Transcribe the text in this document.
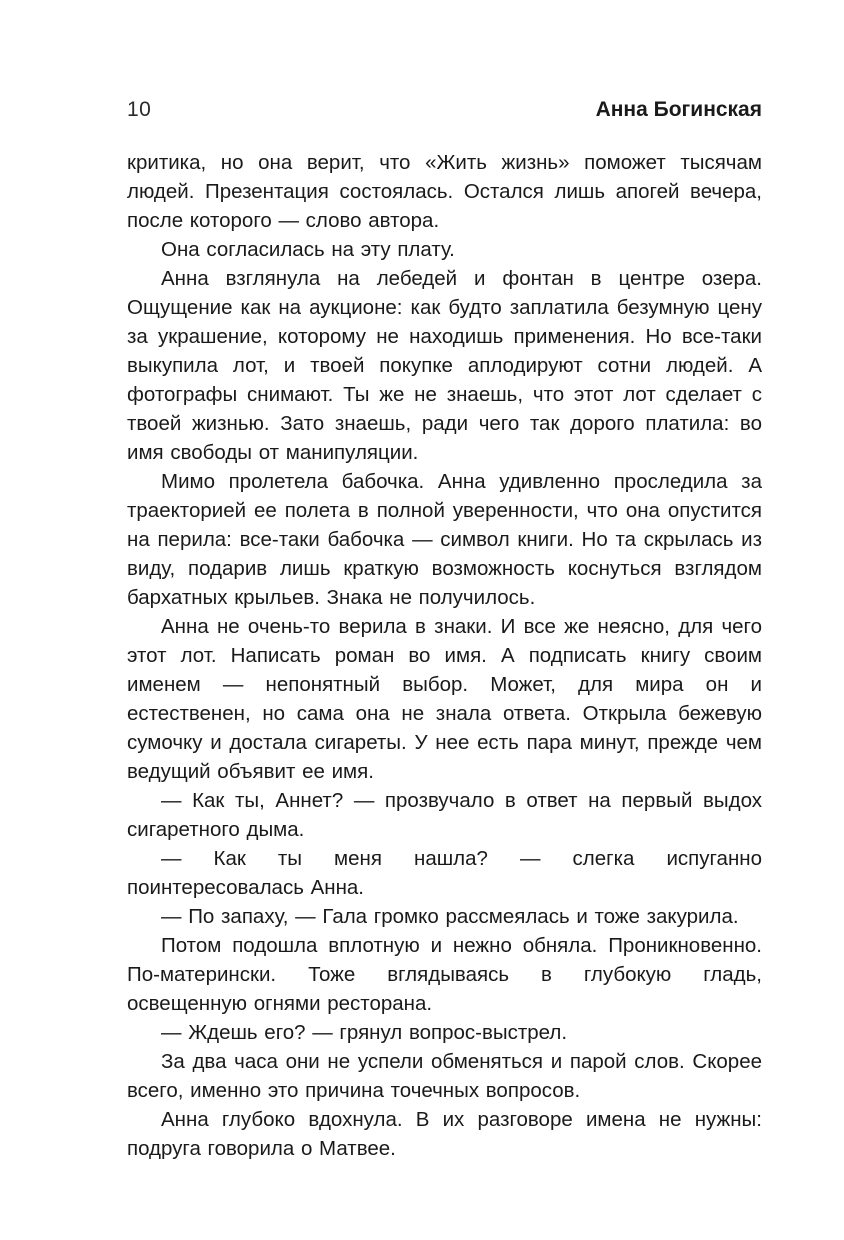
10	Анна Богинская

критика, но она верит, что «Жить жизнь» поможет тысячам людей. Презентация состоялась. Остался лишь апогей вечера, после которого — слово автора.

Она согласилась на эту плату.

Анна взглянула на лебедей и фонтан в центре озера. Ощущение как на аукционе: как будто заплатила безумную цену за украшение, которому не находишь применения. Но все-таки выкупила лот, и твоей покупке аплодируют сотни людей. А фотографы снимают. Ты же не знаешь, что этот лот сделает с твоей жизнью. Зато знаешь, ради чего так дорого платила: во имя свободы от манипуляции.

Мимо пролетела бабочка. Анна удивленно проследила за траекторией ее полета в полной уверенности, что она опустится на перила: все-таки бабочка — символ книги. Но та скрылась из виду, подарив лишь краткую возможность коснуться взглядом бархатных крыльев. Знака не получилось.

Анна не очень-то верила в знаки. И все же неясно, для чего этот лот. Написать роман во имя. А подписать книгу своим именем — непонятный выбор. Может, для мира он и естественен, но сама она не знала ответа. Открыла бежевую сумочку и достала сигареты. У нее есть пара минут, прежде чем ведущий объявит ее имя.

— Как ты, Аннет? — прозвучало в ответ на первый выдох сигаретного дыма.

— Как ты меня нашла? — слегка испуганно поинтересовалась Анна.

— По запаху, — Гала громко рассмеялась и тоже закурила.

Потом подошла вплотную и нежно обняла. Проникновенно. По-матерински. Тоже вглядываясь в глубокую гладь, освещенную огнями ресторана.

— Ждешь его? — грянул вопрос-выстрел.

За два часа они не успели обменяться и парой слов. Скорее всего, именно это причина точечных вопросов.

Анна глубоко вдохнула. В их разговоре имена не нужны: подруга говорила о Матвее.
